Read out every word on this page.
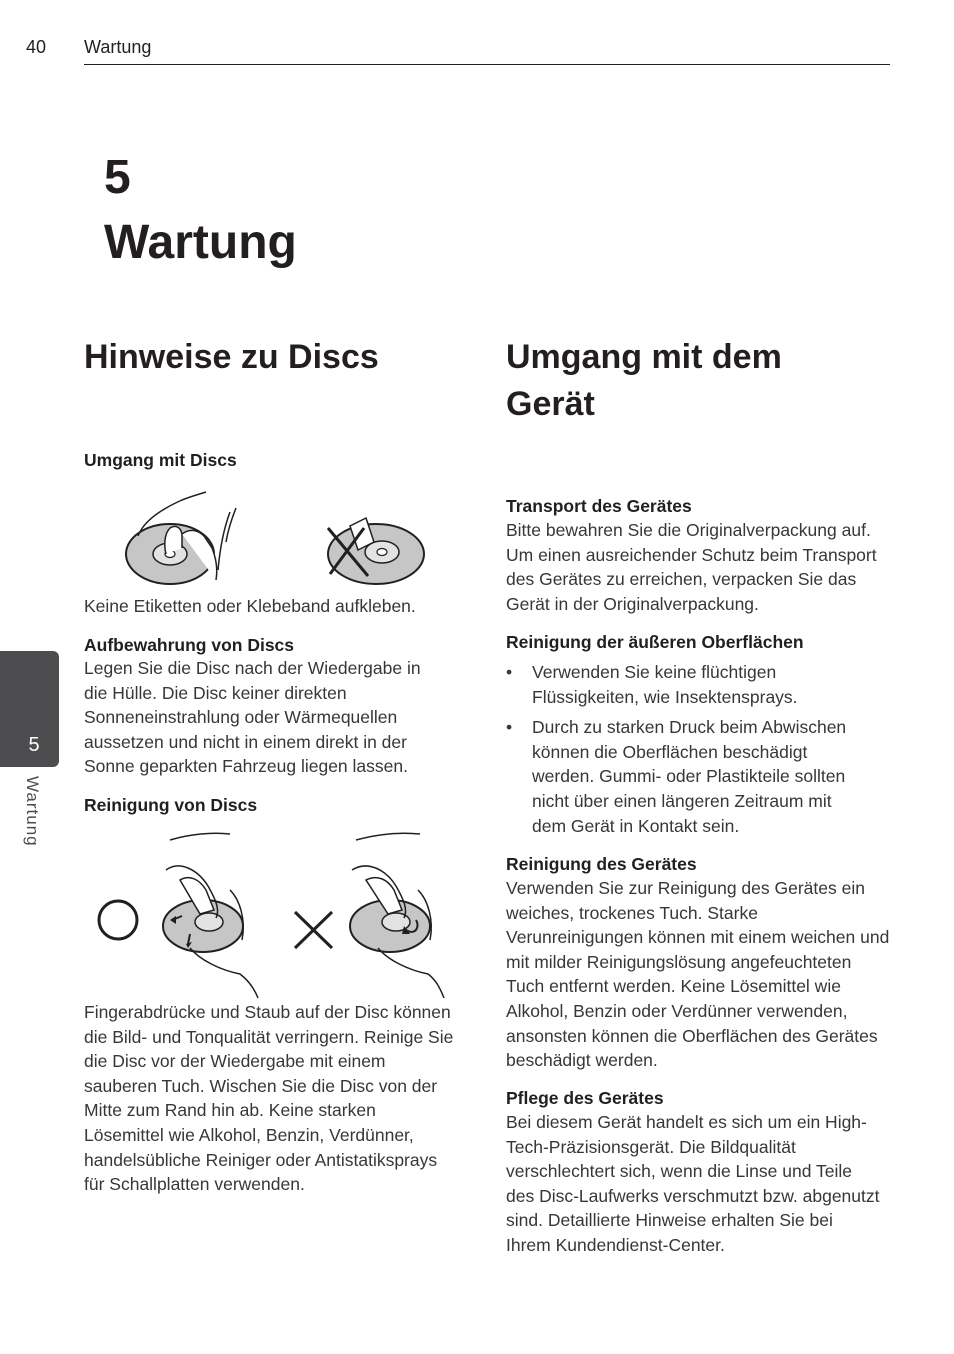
40 Wartung
5
Wartung
5
Wartung
Hinweise zu Discs
Umgang mit Discs
Keine Etiketten oder Klebeband aufkleben.
Aufbewahrung von Discs
Legen Sie die Disc nach der Wiedergabe in die Hülle. Die Disc keiner direkten Sonneneinstrahlung oder Wärmequellen aussetzen und nicht in einem direkt in der Sonne geparkten Fahrzeug liegen lassen.
Reinigung von Discs
Fingerabdrücke und Staub auf der Disc können die Bild- und Tonqualität verringern. Reinige Sie die Disc vor der Wiedergabe mit einem sauberen Tuch. Wischen Sie die Disc von der Mitte zum Rand hin ab. Keine starken Lösemittel wie Alkohol, Benzin, Verdünner, handelsübliche Reiniger oder Antistatiksprays für Schallplatten verwenden.
Umgang mit dem
Gerät
Transport des Gerätes
Bitte bewahren Sie die Originalverpackung auf. Um einen ausreichender Schutz beim Transport des Gerätes zu erreichen, verpacken Sie das Gerät in der Originalverpackung.
Reinigung der äußeren Oberflächen
• Verwenden Sie keine flüchtigen Flüssigkeiten, wie Insektensprays.
• Durch zu starken Druck beim Abwischen können die Oberflächen beschädigt werden. Gummi- oder Plastikteile sollten nicht über einen längeren Zeitraum mit dem Gerät in Kontakt sein.
Reinigung des Gerätes
Verwenden Sie zur Reinigung des Gerätes ein weiches, trockenes Tuch. Starke Verunreinigungen können mit einem weichen und mit milder Reinigungslösung angefeuchteten Tuch entfernt werden. Keine Lösemittel wie Alkohol, Benzin oder Verdünner verwenden, ansonsten können die Oberflächen des Gerätes beschädigt werden.
Pflege des Gerätes
Bei diesem Gerät handelt es sich um ein High-Tech-Präzisionsgerät. Die Bildqualität verschlechtert sich, wenn die Linse und Teile des Disc-Laufwerks verschmutzt bzw. abgenutzt sind. Detaillierte Hinweise erhalten Sie bei Ihrem Kundendienst-Center.
